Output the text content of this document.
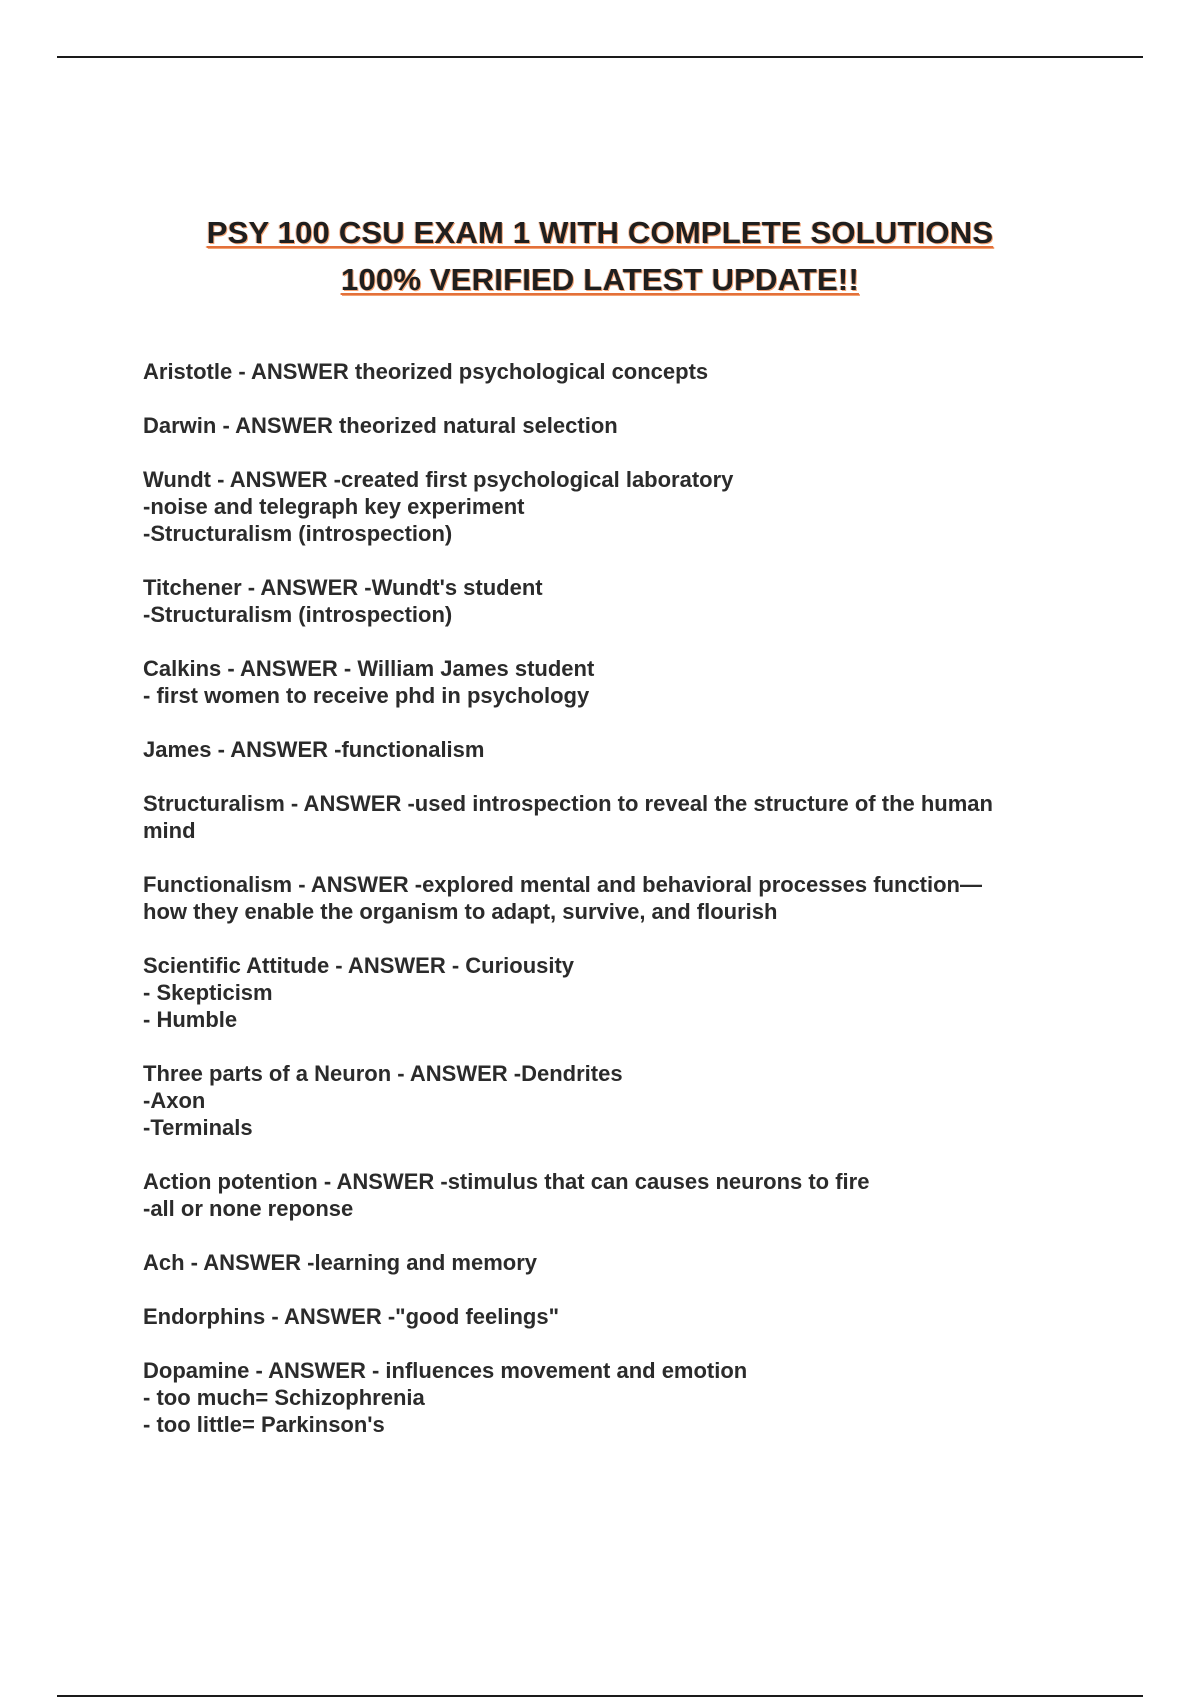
PSY 100 CSU EXAM 1 WITH COMPLETE SOLUTIONS
100% VERIFIED LATEST UPDATE!!
Aristotle - ANSWER theorized psychological concepts
Darwin - ANSWER theorized natural selection
Wundt - ANSWER -created first psychological laboratory
-noise and telegraph key experiment
-Structuralism (introspection)
Titchener - ANSWER -Wundt's student
-Structuralism (introspection)
Calkins - ANSWER - William James student
- first women to receive phd in psychology
James - ANSWER -functionalism
Structuralism - ANSWER -used introspection to reveal the structure of the human
mind
Functionalism - ANSWER -explored mental and behavioral processes function—
how they enable the organism to adapt, survive, and flourish
Scientific Attitude - ANSWER - Curiousity
- Skepticism
- Humble
Three parts of a Neuron - ANSWER -Dendrites
-Axon
-Terminals
Action potention - ANSWER -stimulus that can causes neurons to fire
-all or none reponse
Ach - ANSWER -learning and memory
Endorphins - ANSWER -"good feelings"
Dopamine - ANSWER - influences movement and emotion
- too much= Schizophrenia
- too little= Parkinson's
